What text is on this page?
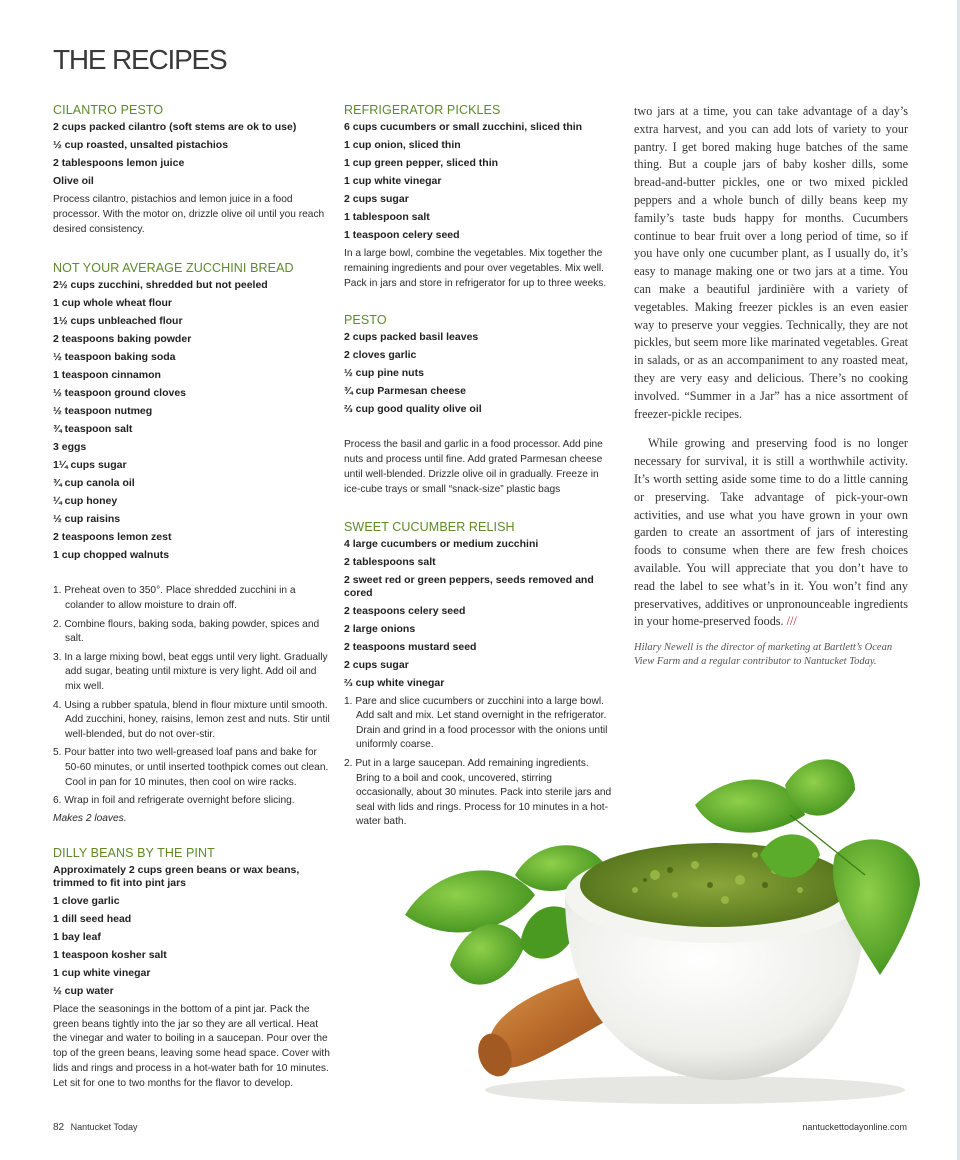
THE RECIPES
CILANTRO PESTO

2 cups packed cilantro (soft stems are ok to use)

½ cup roasted, unsalted pistachios

2 tablespoons lemon juice

Olive oil

Process cilantro, pistachios and lemon juice in a food processor. With the motor on, drizzle olive oil until you reach desired consistency.

NOT YOUR AVERAGE ZUCCHINI BREAD

2½ cups zucchini, shredded but not peeled

1 cup whole wheat flour

1½ cups unbleached flour

2 teaspoons baking powder

½ teaspoon baking soda

1 teaspoon cinnamon

½ teaspoon ground cloves

½ teaspoon nutmeg

¾ teaspoon salt

3 eggs

1¼ cups sugar

¾ cup canola oil

¼ cup honey

½ cup raisins

2 teaspoons lemon zest

1 cup chopped walnuts

1. Preheat oven to 350°. Place shredded zucchini in a colander to allow moisture to drain off.
2. Combine flours, baking soda, baking powder, spices and salt.
3. In a large mixing bowl, beat eggs until very light. Gradually add sugar, beating until mixture is very light. Add oil and mix well.
4. Using a rubber spatula, blend in flour mixture until smooth. Add zucchini, honey, raisins, lemon zest and nuts. Stir until well-blended, but do not over-stir.
5. Pour batter into two well-greased loaf pans and bake for 50-60 minutes, or until inserted toothpick comes out clean. Cool in pan for 10 minutes, then cool on wire racks.
6. Wrap in foil and refrigerate overnight before slicing.

Makes 2 loaves.

DILLY BEANS BY THE PINT

Approximately 2 cups green beans or wax beans, trimmed to fit into pint jars

1 clove garlic

1 dill seed head

1 bay leaf

1 teaspoon kosher salt

1 cup white vinegar

½ cup water

Place the seasonings in the bottom of a pint jar. Pack the green beans tightly into the jar so they are all vertical. Heat the vinegar and water to boiling in a saucepan. Pour over the top of the green beans, leaving some head space. Cover with lids and rings and process in a hot-water bath for 10 minutes. Let sit for one to two months for the flavor to develop.

REFRIGERATOR PICKLES

6 cups cucumbers or small zucchini, sliced thin

1 cup onion, sliced thin

1 cup green pepper, sliced thin

1 cup white vinegar

2 cups sugar

1 tablespoon salt

1 teaspoon celery seed

In a large bowl, combine the vegetables. Mix together the remaining ingredients and pour over vegetables. Mix well. Pack in jars and store in refrigerator for up to three weeks.

PESTO

2 cups packed basil leaves

2 cloves garlic

½ cup pine nuts

¾ cup Parmesan cheese

⅔ cup good quality olive oil

Process the basil and garlic in a food processor. Add pine nuts and process until fine. Add grated Parmesan cheese until well-blended. Drizzle olive oil in gradually. Freeze in ice-cube trays or small “snack-size” plastic bags

SWEET CUCUMBER RELISH

4 large cucumbers or medium zucchini

2 tablespoons salt

2 sweet red or green peppers, seeds removed and cored

2 teaspoons celery seed

2 large onions

2 teaspoons mustard seed

2 cups sugar

⅔ cup white vinegar

1. Pare and slice cucumbers or zucchini into a large bowl. Add salt and mix. Let stand overnight in the refrigerator. Drain and grind in a food processor with the onions until uniformly coarse.
2. Put in a large saucepan. Add remaining ingredients. Bring to a boil and cook, uncovered, stirring occasionally, about 30 minutes. Pack into sterile jars and seal with lids and rings. Process for 10 minutes in a hot-water bath.

two jars at a time, you can take advantage of a day’s extra harvest, and you can add lots of variety to your pantry. I get bored making huge batches of the same thing. But a couple jars of baby kosher dills, some bread-and-butter pickles, one or two mixed pickled peppers and a whole bunch of dilly beans keep my family’s taste buds happy for months. Cucumbers continue to bear fruit over a long period of time, so if you have only one cucumber plant, as I usually do, it’s easy to manage making one or two jars at a time. You can make a beautiful jardinière with a variety of vegetables. Making freezer pickles is an even easier way to preserve your veggies. Technically, they are not pickles, but seem more like marinated vegetables. Great in salads, or as an accompaniment to any roasted meat, they are very easy and delicious. There’s no cooking involved. “Summer in a Jar” has a nice assortment of freezer-pickle recipes.

While growing and preserving food is no longer necessary for survival, it is still a worthwhile activity. It’s worth setting aside some time to do a little canning or preserving. Take advantage of pick-your-own activities, and use what you have grown in your own garden to create an assortment of jars of interesting foods to consume when there are few fresh choices available. You will appreciate that you don’t have to read the label to see what’s in it. You won’t find any preservatives, additives or unpronounceable ingredients in your home-preserved foods. ///

Hilary Newell is the director of marketing at Bartlett’s Ocean View Farm and a regular contributor to Nantucket Today.

82 Nantucket Today	nantuckettodayonline.com
